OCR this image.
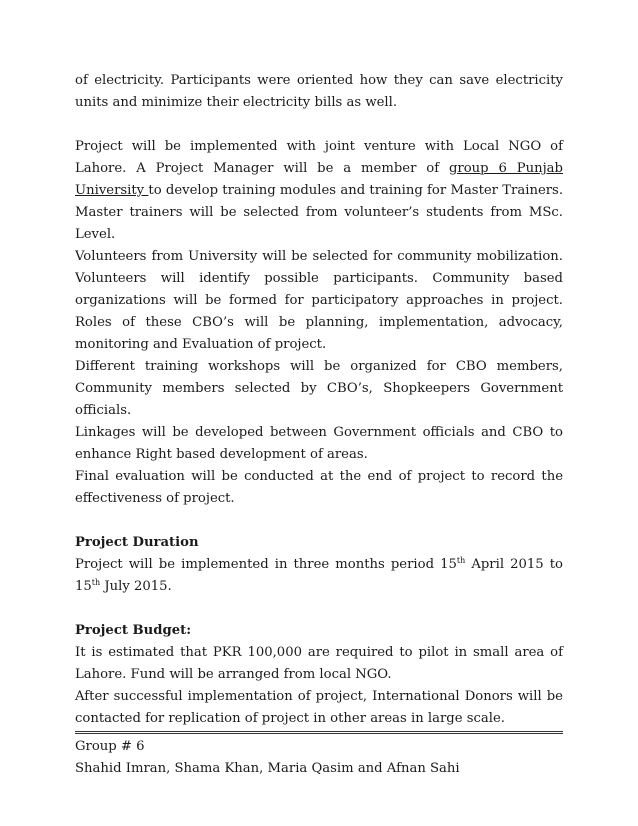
of electricity. Participants were oriented how they can save electricity units and minimize their electricity bills as well.

Project will be implemented with joint venture with Local NGO of Lahore. A Project Manager will be a member of group 6 Punjab University to develop training modules and training for Master Trainers. Master trainers will be selected from volunteer’s students from MSc. Level.

Volunteers from University will be selected for community mobilization. Volunteers will identify possible participants. Community based organizations will be formed for participatory approaches in project. Roles of these CBO’s will be planning, implementation, advocacy, monitoring and Evaluation of project.

Different training workshops will be organized for CBO members, Community members selected by CBO’s, Shopkeepers Government officials.

Linkages will be developed between Government officials and CBO to enhance Right based development of areas.

Final evaluation will be conducted at the end of project to record the effectiveness of project.

Project Duration

Project will be implemented in three months period 15th April 2015 to 15th July 2015.

Project Budget:

It is estimated that PKR 100,000 are required to pilot in small area of Lahore. Fund will be arranged from local NGO.

After successful implementation of project, International Donors will be contacted for replication of project in other areas in large scale.

Group # 6

Shahid Imran, Shama Khan, Maria Qasim and Afnan Sahi
